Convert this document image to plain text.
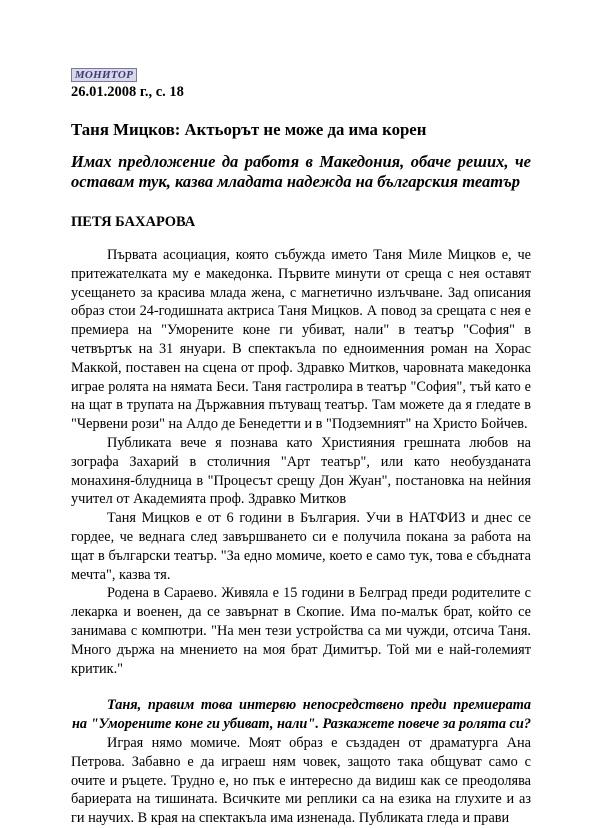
МОНИТОР
26.01.2008 г., с. 18
Таня Мицков: Актьорът не може да има корен
Имах предложение да работя в Македония, обаче реших, че оставам тук, казва младата надежда на българския театър
ПЕТЯ БАХАРОВА

Първата асоциация, която събужда името Таня Миле Мицков е, че притежателката му е македонка. Първите минути от среща с нея оставят усещането за красива млада жена, с магнетично излъчване. Зад описания образ стои 24-годишната актриса Таня Мицков. А повод за срещата с нея е премиера на "Уморените коне ги убиват, нали" в театър "София" в четвъртък на 31 януари. В спектакъла по едноименния роман на Хорас Маккой, поставен на сцена от проф. Здравко Митков, чаровната македонка играе ролята на нямата Беси. Таня гастролира в театър "София", тъй като е на щат в трупата на Държавния пътуващ театър. Там можете да я гледате в "Червени рози" на Алдо де Бенедетти и в "Подземният" на Христо Бойчев.

Публиката вече я познава като Християния грешната любов на зографа Захарий в столичния "Арт театър", или като необузданата монахиня-блудница в "Процесът срещу Дон Жуан", постановка на нейния учител от Академията проф. Здравко Митков

Таня Мицков е от 6 години в България. Учи в НАТФИЗ и днес се гордее, че веднага след завършването си е получила покана за работа на щат в български театър. "За едно момиче, което е само тук, това е сбъдната мечта", казва тя.

Родена в Сараево. Живяла е 15 години в Белград преди родителите с лекарка и военен, да се завърнат в Скопие. Има по-малък брат, който се занимава с компютри. "На мен тези устройства са ми чужди, отсича Таня. Много държа на мнението на моя брат Димитър. Той ми е най-големият критик."

Таня, правим това интервю непосредствено преди премиерата на "Уморените коне ги убиват, нали". Разкажете повече за ролята си?

Играя нямо момиче. Моят образ е създаден от драматурга Ана Петрова. Забавно е да играеш ням човек, защото така общуват само с очите и ръцете. Трудно е, но пък е интересно да видиш как се преодолява бариерата на тишината. Всичките ми реплики са на езика на глухите и аз ги научих. В края на спектакъла има изненада. Публиката гледа и прави
